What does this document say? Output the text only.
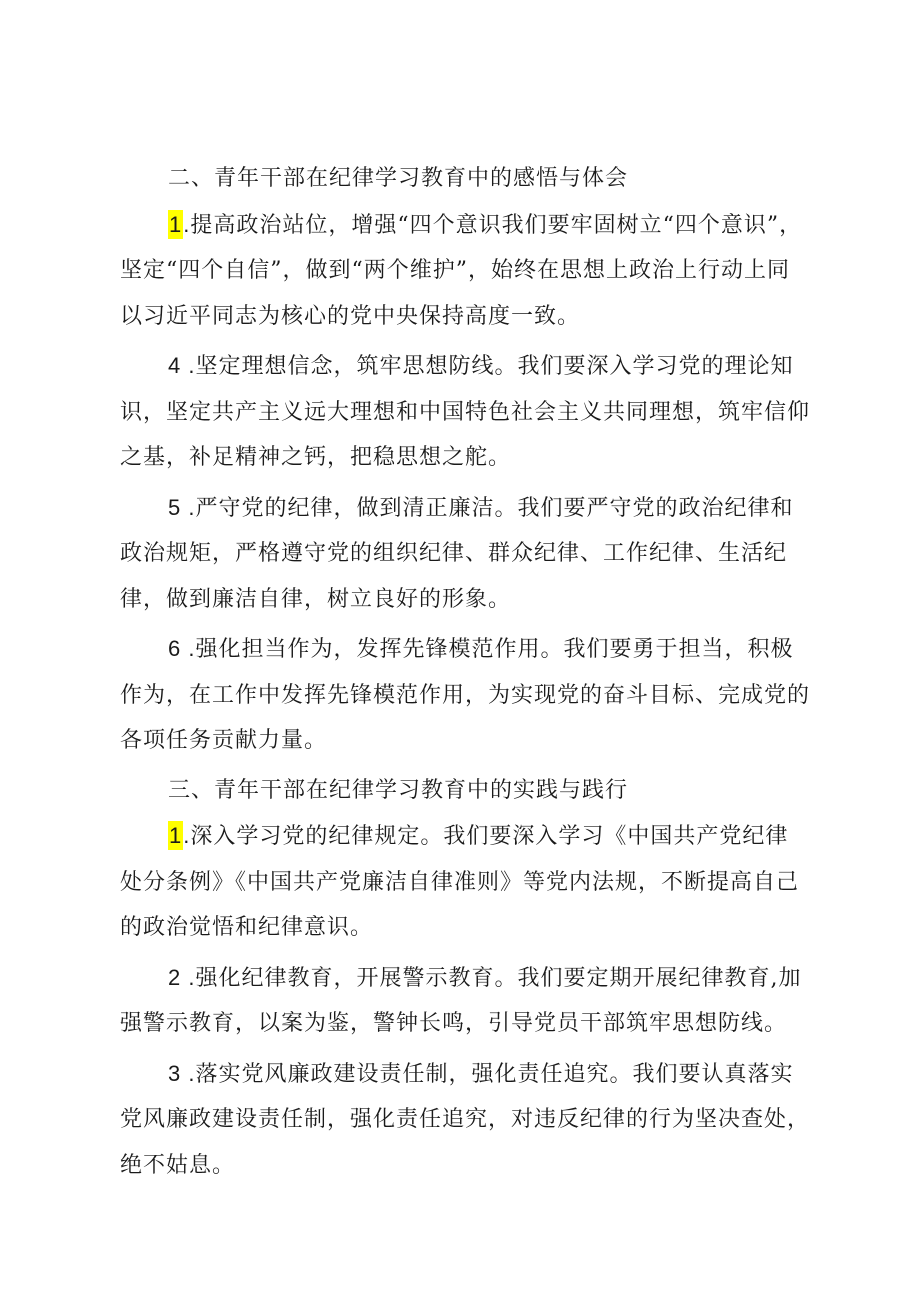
二、青年干部在纪律学习教育中的感悟与体会

1.提高政治站位，增强“四个意识我们要牢固树立“四个意识”，坚定“四个自信”，做到“两个维护”，始终在思想上政治上行动上同以习近平同志为核心的党中央保持高度一致。

4 .坚定理想信念，筑牢思想防线。我们要深入学习党的理论知识，坚定共产主义远大理想和中国特色社会主义共同理想，筑牢信仰之基，补足精神之钙，把稳思想之舵。

5 .严守党的纪律，做到清正廉洁。我们要严守党的政治纪律和政治规矩，严格遵守党的组织纪律、群众纪律、工作纪律、生活纪律，做到廉洁自律，树立良好的形象。

6 .强化担当作为，发挥先锋模范作用。我们要勇于担当，积极作为，在工作中发挥先锋模范作用，为实现党的奋斗目标、完成党的各项任务贡献力量。

三、青年干部在纪律学习教育中的实践与践行

1.深入学习党的纪律规定。我们要深入学习《中国共产党纪律处分条例》《中国共产党廉洁自律准则》等党内法规，不断提高自己的政治觉悟和纪律意识。

2 .强化纪律教育，开展警示教育。我们要定期开展纪律教育,加强警示教育，以案为鉴，警钟长鸣，引导党员干部筑牢思想防线。

3 .落实党风廉政建设责任制，强化责任追究。我们要认真落实党风廉政建设责任制，强化责任追究，对违反纪律的行为坚决查处，绝不姑息。
